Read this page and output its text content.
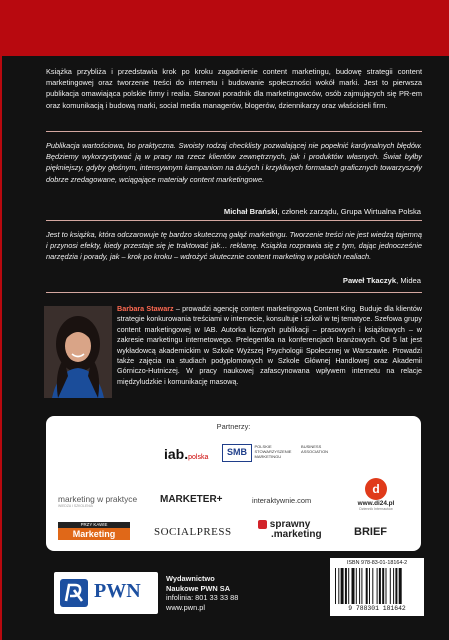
Książka przybliża i przedstawia krok po kroku zagadnienie content marketingu, budowę strategii content marketingowej oraz tworzenie treści do internetu i budowanie społeczności wokół marki. Jest to pierwsza publikacja omawiająca polskie firmy i realia. Stanowi poradnik dla marketingowców, osób zajmujących się PR-em oraz komunikacją i budową marki, social media managerów, blogerów, dziennikarzy oraz właścicieli firm.

Publikacja wartościowa, bo praktyczna. Swoisty rodzaj checklisty pozwalającej nie popełnić kardynalnych błędów. Będziemy wykorzystywać ją w pracy na rzecz klientów zewnętrznych, jak i produktów własnych. Świat byłby piękniejszy, gdyby głośnym, intensywnym kampaniom na dużych i krzykliwych formatach graficznych towarzyszyły dobrze zredagowane, wciągające materiały content marketingowe.

Michał Brański, członek zarządu, Grupa Wirtualna Polska

Jest to książka, która odczarowuje tę bardzo skuteczną gałąź marketingu. Tworzenie treści nie jest wiedzą tajemną i przynosi efekty, kiedy przestaje się je traktować jak… reklamę. Książka rozprawia się z tym, dając jednocześnie narzędzia i porady, jak – krok po kroku – wdrożyć skutecznie content marketing w polskich realiach.

Paweł Tkaczyk, Midea
Barbara Stawarz – prowadzi agencję content marketingową Content King. Buduje dla klientów strategie konkurowania treściami w internecie, konsultuje i szkoli w tej tematyce. Szefowa grupy content marketingowej w IAB. Autorka licznych publikacji – prasowych i książkowych – w zakresie marketingu internetowego. Prelegentka na konferencjach branżowych. Od 5 lat jest wykładowcą akademickim w Szkole Wyższej Psychologii Społecznej w Warszawie. Prowadzi także zajęcia na studiach podyplomowych w Szkole Głównej Handlowej oraz Akademii Górniczo-Hutniczej. W pracy naukowej zafascynowana wpływem internetu na relacje międzyludzkie i komunikację masową.
Partnerzy:
iab.polska
SMB POLSKIE STOWARZYSZENIE MARKETINGU BUSINESS ASSOCIATION
marketing w praktyce
WIEDZA I SZKOLENIA
MARKETER+	interaktywnie.com
d
www.di24.pl
Dziennik Internautów
PRZY KAWIE
Marketing	SOCIALPRESS
sprawny
.marketing	BRIEF
PWN
Wydawnictwo
Naukowe PWN SA
infolinia: 801 33 33 88
www.pwn.pl
ISBN 978-83-01-18164-2
9 788301 181642
